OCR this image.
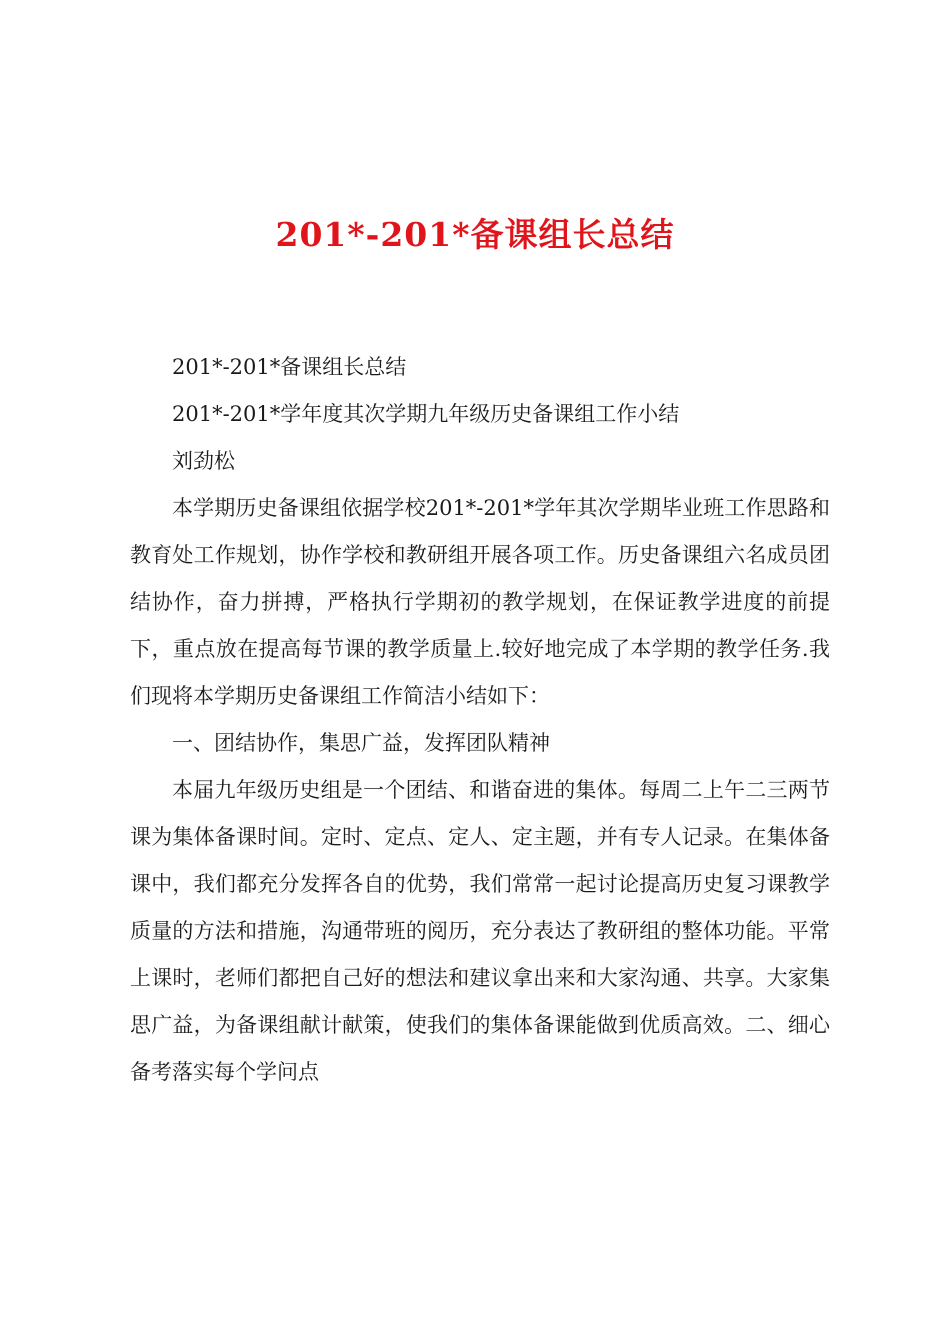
201*-201*备课组长总结
201*-201*备课组长总结
201*-201*学年度其次学期九年级历史备课组工作小结
刘劲松

本学期历史备课组依据学校201*-201*学年其次学期毕业班工作思路和教育处工作规划，协作学校和教研组开展各项工作。历史备课组六名成员团结协作，奋力拼搏，严格执行学期初的教学规划，在保证教学进度的前提下，重点放在提高每节课的教学质量上.较好地完成了本学期的教学任务.我们现将本学期历史备课组工作简洁小结如下：

一、团结协作，集思广益，发挥团队精神

本届九年级历史组是一个团结、和谐奋进的集体。每周二上午二三两节课为集体备课时间。定时、定点、定人、定主题，并有专人记录。在集体备课中，我们都充分发挥各自的优势，我们常常一起讨论提高历史复习课教学质量的方法和措施，沟通带班的阅历，充分表达了教研组的整体功能。平常上课时，老师们都把自己好的想法和建议拿出来和大家沟通、共享。大家集思广益，为备课组献计献策，使我们的集体备课能做到优质高效。二、细心备考落实每个学问点
